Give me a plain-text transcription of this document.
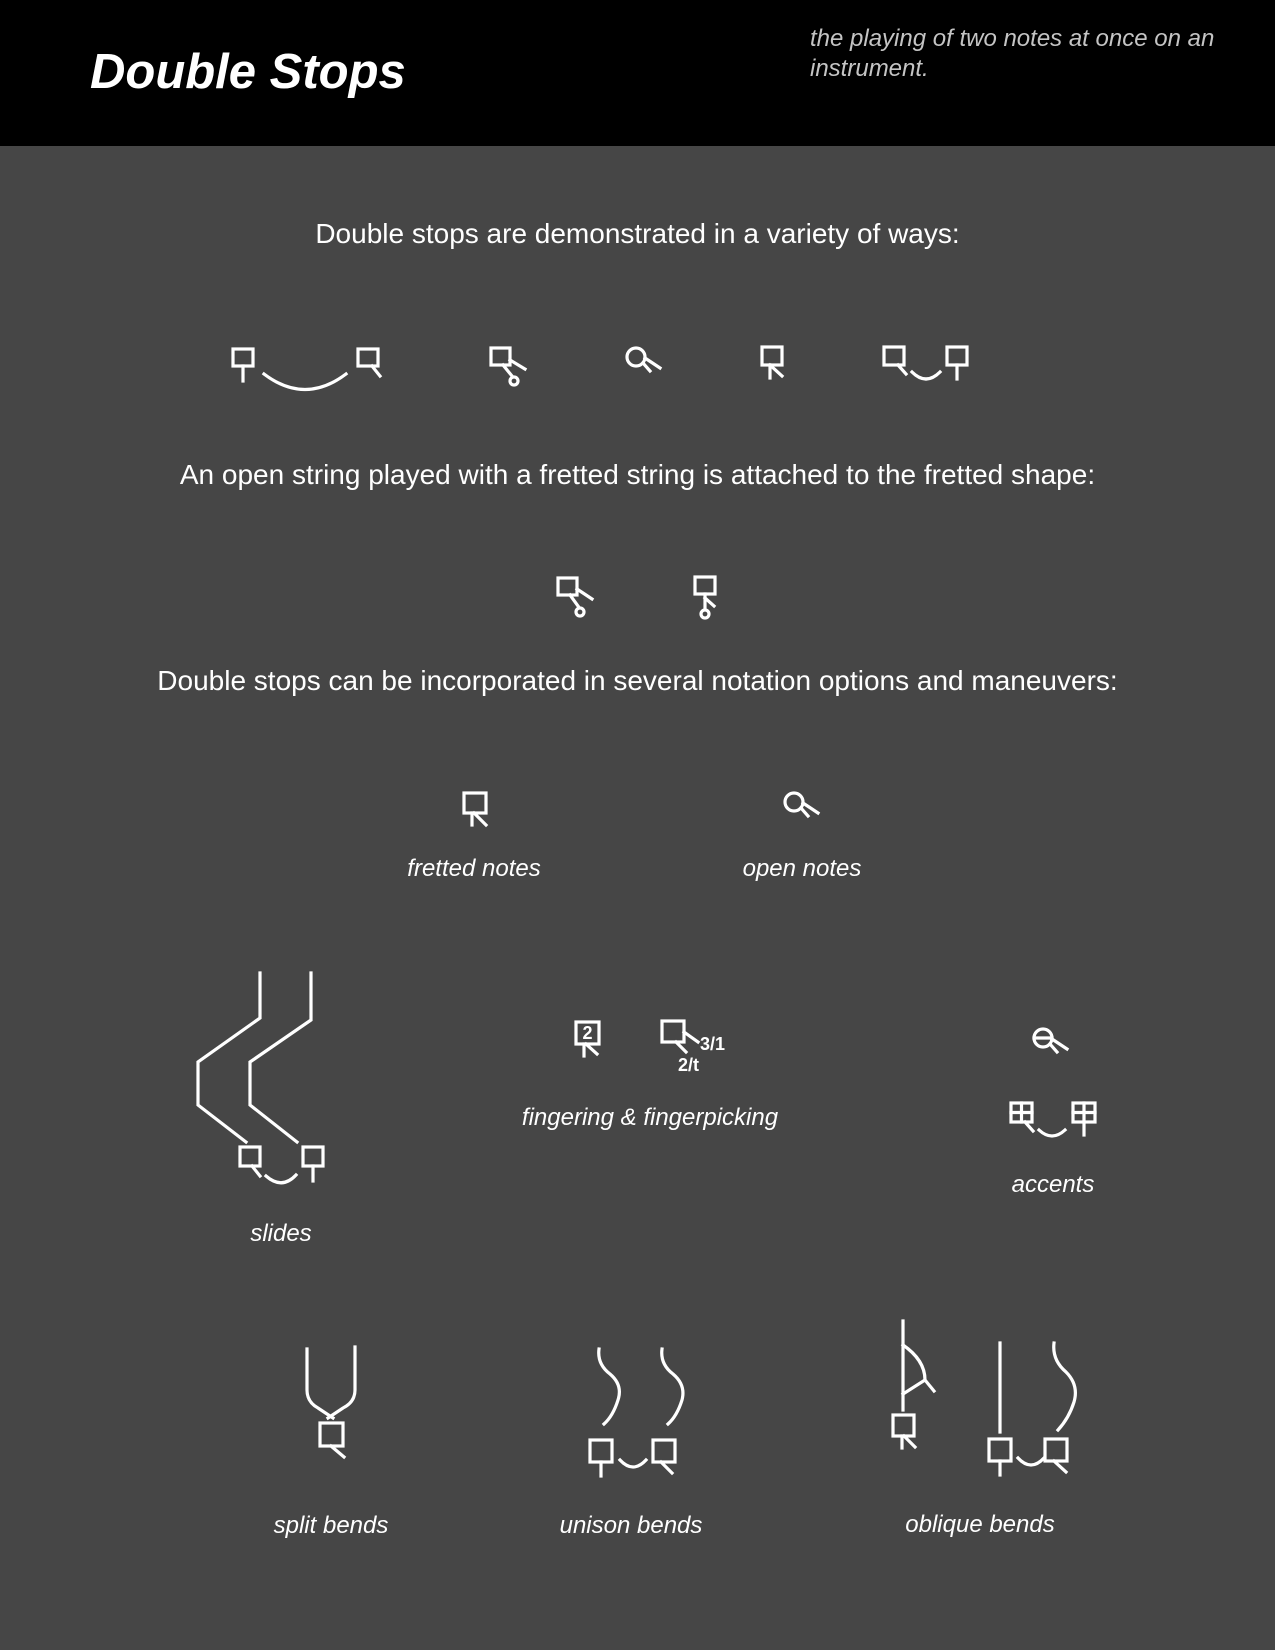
Double Stops
the playing of two notes at once on an instrument.
Double stops are demonstrated in a variety of ways:
An open string played with a fretted string is attached to the fretted shape:
Double stops can be incorporated in several notation options and maneuvers:
fretted notes	open notes
slides
fingering & fingerpicking
accents
split bends	unison bends	oblique bends
2
3/1
2/t
